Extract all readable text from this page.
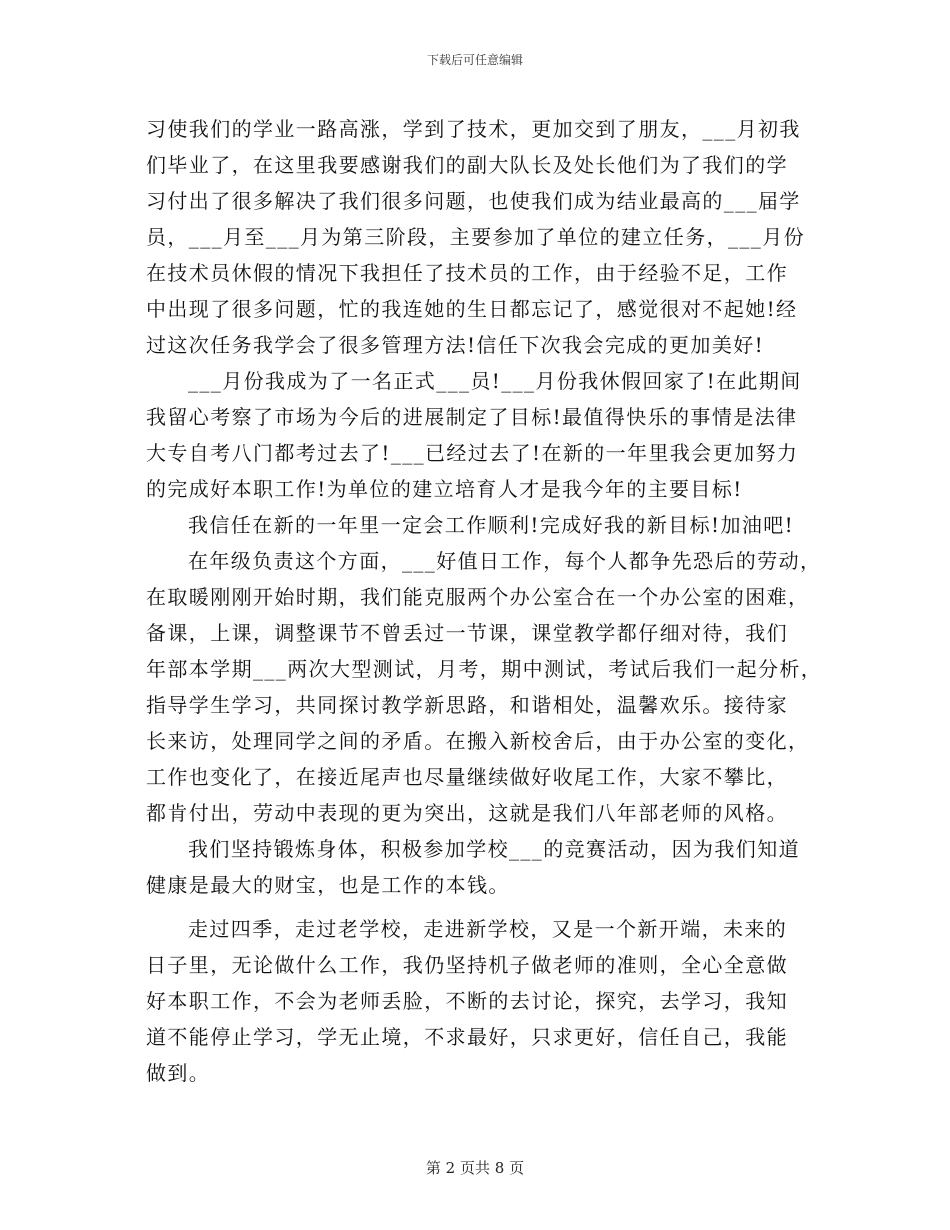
下载后可任意编辑
习使我们的学业一路高涨，学到了技术，更加交到了朋友，___月初我
们毕业了，在这里我要感谢我们的副大队长及处长他们为了我们的学
习付出了很多解决了我们很多问题，也使我们成为结业最高的___届学
员，___月至___月为第三阶段，主要参加了单位的建立任务，___月份
在技术员休假的情况下我担任了技术员的工作，由于经验不足，工作
中出现了很多问题，忙的我连她的生日都忘记了，感觉很对不起她!经
过这次任务我学会了很多管理方法!信任下次我会完成的更加美好!
___月份我成为了一名正式___员!___月份我休假回家了!在此期间
我留心考察了市场为今后的进展制定了目标!最值得快乐的事情是法律
大专自考八门都考过去了!___已经过去了!在新的一年里我会更加努力
的完成好本职工作!为单位的建立培育人才是我今年的主要目标!
我信任在新的一年里一定会工作顺利!完成好我的新目标!加油吧!
在年级负责这个方面，___好值日工作，每个人都争先恐后的劳动，
在取暖刚刚开始时期，我们能克服两个办公室合在一个办公室的困难，
备课，上课，调整课节不曾丢过一节课，课堂教学都仔细对待，我们
年部本学期___两次大型测试，月考，期中测试，考试后我们一起分析，
指导学生学习，共同探讨教学新思路，和谐相处，温馨欢乐。接待家
长来访，处理同学之间的矛盾。在搬入新校舍后，由于办公室的变化，
工作也变化了，在接近尾声也尽量继续做好收尾工作，大家不攀比，
都肯付出，劳动中表现的更为突出，这就是我们八年部老师的风格。
我们坚持锻炼身体，积极参加学校___的竞赛活动，因为我们知道
健康是最大的财宝，也是工作的本钱。
走过四季，走过老学校，走进新学校，又是一个新开端，未来的
日子里，无论做什么工作，我仍坚持机子做老师的准则，全心全意做
好本职工作，不会为老师丢脸，不断的去讨论，探究，去学习，我知
道不能停止学习，学无止境，不求最好，只求更好，信任自己，我能
做到。
第 2 页共 8 页
